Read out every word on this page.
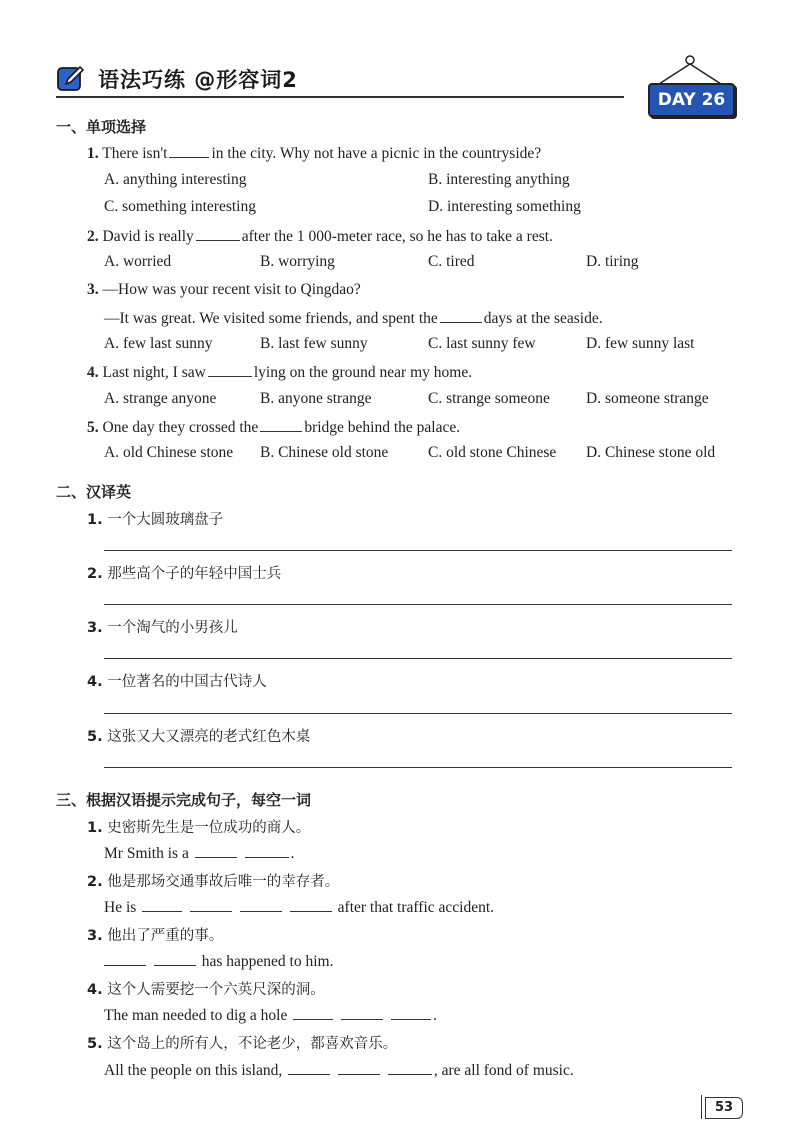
语法巧练 @形容词2
DAY 26
一、单项选择
1. There isn't	in the city. Why not have a picnic in the countryside?
A. anything interesting	B. interesting anything
C. something interesting	D. interesting something
2. David is really	after the 1 000-meter race, so he has to take a rest.
A. worried	B. worrying	C. tired	D. tiring
3. —How was your recent visit to Qingdao?
—It was great. We visited some friends, and spent the	days at the seaside.
A. few last sunny	B. last few sunny	C. last sunny few	D. few sunny last
4. Last night, I saw	lying on the ground near my home.
A. strange anyone	B. anyone strange	C. strange someone D. someone strange
5. One day they crossed the	bridge behind the palace.
A. old Chinese stone B. Chinese old stone	C. old stone Chinese D. Chinese stone old
二、汉译英
1. 一个大圆玻璃盘子
2. 那些高个子的年轻中国士兵
3. 一个淘气的小男孩儿
4. 一位著名的中国古代诗人
5. 这张又大又漂亮的老式红色木桌
三、根据汉语提示完成句子，每空一词
1. 史密斯先生是一位成功的商人。
Mr Smith is a	.
2. 他是那场交通事故后唯一的幸存者。
He is	after that traffic accident.
3. 他出了严重的事。
has happened to him.
4. 这个人需要挖一个六英尺深的洞。
The man needed to dig a hole	.
5. 这个岛上的所有人，不论老少，都喜欢音乐。
All the people on this island,	, are all fond of music.
53
